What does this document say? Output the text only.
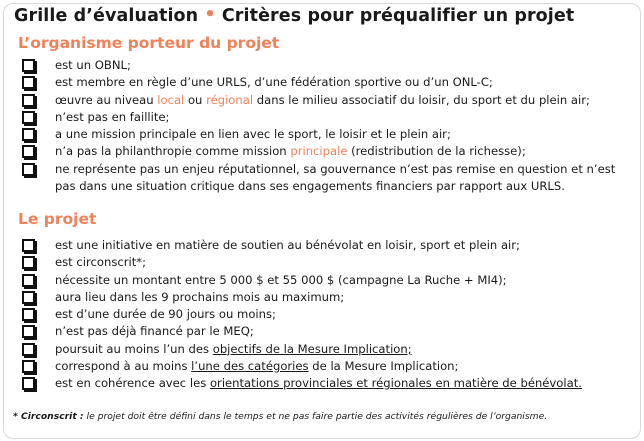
Grille d’évaluation • Critères pour préqualifier un projet
L’organisme porteur du projet
est un OBNL;
est membre en règle d’une URLS, d’une fédération sportive ou d’un ONL-C;
œuvre au niveau local ou régional dans le milieu associatif du loisir, du sport et du plein air;
n’est pas en faillite;
a une mission principale en lien avec le sport, le loisir et le plein air;
n’a pas la philanthropie comme mission principale (redistribution de la richesse);
ne représente pas un enjeu réputationnel, sa gouvernance n’est pas remise en question et n’est pas dans une situation critique dans ses engagements financiers par rapport aux URLS.
Le projet
est une initiative en matière de soutien au bénévolat en loisir, sport et plein air;
est circonscrit*;
nécessite un montant entre 5 000 $ et 55 000 $ (campagne La Ruche + MI4);
aura lieu dans les 9 prochains mois au maximum;
est d’une durée de 90 jours ou moins;
n’est pas déjà financé par le MEQ;
poursuit au moins l’un des objectifs de la Mesure Implication;
correspond à au moins l’une des catégories de la Mesure Implication;
est en cohérence avec les orientations provinciales et régionales en matière de bénévolat.
* Circonscrit : le projet doit être défini dans le temps et ne pas faire partie des activités régulières de l’organisme.
